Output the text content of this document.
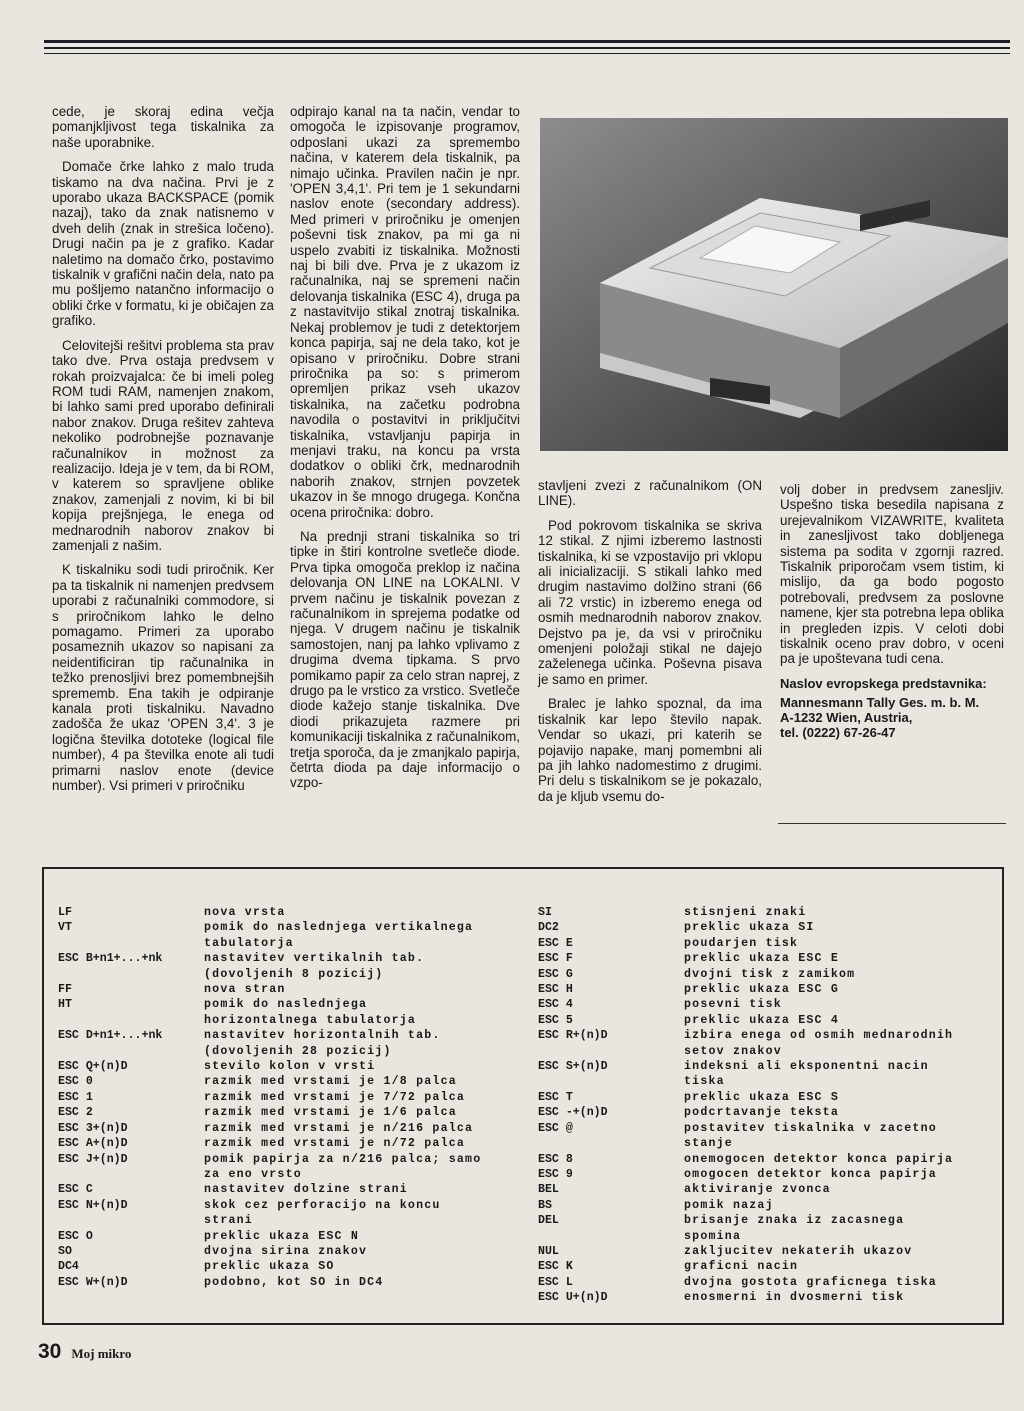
cede, je skoraj edina večja pomanjkljivost tega tiskalnika za naše uporabnike.

Domače črke lahko z malo truda tiskamo na dva načina. Prvi je z uporabo ukaza BACKSPACE (pomik nazaj), tako da znak natisnemo v dveh delih (znak in strešica ločeno). Drugi način pa je z grafiko. Kadar naletimo na domačo črko, postavimo tiskalnik v grafični način dela, nato pa mu pošljemo natančno informacijo o obliki črke v formatu, ki je običajen za grafiko.

Celovitejši rešitvi problema sta prav tako dve. Prva ostaja predvsem v rokah proizvajalca: če bi imeli poleg ROM tudi RAM, namenjen znakom, bi lahko sami pred uporabo definirali nabor znakov. Druga rešitev zahteva nekoliko podrobnejše poznavanje računalnikov in možnost za realizacijo. Ideja je v tem, da bi ROM, v katerem so spravljene oblike znakov, zamenjali z novim, ki bi bil kopija prejšnjega, le enega od mednarodnih naborov znakov bi zamenjali z našim.

K tiskalniku sodi tudi priročnik. Ker pa ta tiskalnik ni namenjen predvsem uporabi z računalniki commodore, si s priročnikom lahko le delno pomagamo. Primeri za uporabo posameznih ukazov so napisani za neidentificiran tip računalnika in težko prenosljivi brez pomembnejših sprememb. Ena takih je odpiranje kanala proti tiskalniku. Navadno zadošča že ukaz 'OPEN 3,4'. 3 je logična številka dototeke (logical file number), 4 pa številka enote ali tudi primarni naslov enote (device number). Vsi primeri v priročniku

odpirajo kanal na ta način, vendar to omogoča le izpisovanje programov, odposlani ukazi za spremembo načina, v katerem dela tiskalnik, pa nimajo učinka. Pravilen način je npr. 'OPEN 3,4,1'. Pri tem je 1 sekundarni naslov enote (secondary address). Med primeri v priročniku je omenjen poševni tisk znakov, pa mi ga ni uspelo zvabiti iz tiskalnika. Možnosti naj bi bili dve. Prva je z ukazom iz računalnika, naj se spremeni način delovanja tiskalnika (ESC 4), druga pa z nastavitvijo stikal znotraj tiskalnika. Nekaj problemov je tudi z detektorjem konca papirja, saj ne dela tako, kot je opisano v priročniku. Dobre strani priročnika pa so: s primerom opremljen prikaz vseh ukazov tiskalnika, na začetku podrobna navodila o postavitvi in priključitvi tiskalnika, vstavljanju papirja in menjavi traku, na koncu pa vrsta dodatkov o obliki črk, mednarodnih naborih znakov, strnjen povzetek ukazov in še mnogo drugega. Končna ocena priročnika: dobro.

Na prednji strani tiskalnika so tri tipke in štiri kontrolne svetleče diode. Prva tipka omogoča preklop iz načina delovanja ON LINE na LOKALNI. V prvem načinu je tiskalnik povezan z računalnikom in sprejema podatke od njega. V drugem načinu je tiskalnik samostojen, nanj pa lahko vplivamo z drugima dvema tipkama. S prvo pomikamo papir za celo stran naprej, z drugo pa le vrstico za vrstico. Svetleče diode kažejo stanje tiskalnika. Dve diodi prikazujeta razmere pri komunikaciji tiskalnika z računalnikom, tretja sporoča, da je zmanjkalo papirja, četrta dioda pa daje informacijo o vzpo-

stavljeni zvezi z računalnikom (ON LINE).

Pod pokrovom tiskalnika se skriva 12 stikal. Z njimi izberemo lastnosti tiskalnika, ki se vzpostavijo pri vklopu ali inicializaciji. S stikali lahko med drugim nastavimo dolžino strani (66 ali 72 vrstic) in izberemo enega od osmih mednarodnih naborov znakov. Dejstvo pa je, da vsi v priročniku omenjeni položaji stikal ne dajejo zaželenega učinka. Poševna pisava je samo en primer.

Bralec je lahko spoznal, da ima tiskalnik kar lepo število napak. Vendar so ukazi, pri katerih se pojavijo napake, manj pomembni ali pa jih lahko nadomestimo z drugimi. Pri delu s tiskalnikom se je pokazalo, da je kljub vsemu do-

volj dober in predvsem zanesljiv. Uspešno tiska besedila napisana z urejevalnikom VIZAWRITE, kvaliteta in zanesljivost tako dobljenega sistema pa sodita v zgornji razred. Tiskalnik priporočam vsem tistim, ki mislijo, da ga bodo pogosto potrebovali, predvsem za poslovne namene, kjer sta potrebna lepa oblika in pregleden izpis. V celoti dobi tiskalnik oceno prav dobro, v oceni pa je upoštevana tudi cena.

Naslov evropskega predstavnika:
Mannesmann Tally Ges. m. b. M.
A-1232 Wien, Austria,
tel. (0222) 67-26-47
LF	nova vrsta
VT	pomik do naslednjega vertikalnega
tabulatorja
ESC B+n1+...+nk	nastavitev vertikalnih tab.
(dovoljenih 8 pozicij)
FF	nova stran
HT	pomik do naslednjega
horizontalnega tabulatorja
ESC D+n1+...+nk	nastavitev horizontalnih tab.
(dovoljenih 28 pozicij)
ESC Q+(n)D	stevilo kolon v vrsti
ESC 0	razmik med vrstami je 1/8 palca
ESC 1	razmik med vrstami je 7/72 palca
ESC 2	razmik med vrstami je 1/6 palca
ESC 3+(n)D	razmik med vrstami je n/216 palca
ESC A+(n)D	razmik med vrstami je n/72 palca
ESC J+(n)D	pomik papirja za n/216 palca; samo
za eno vrsto
ESC C	nastavitev dolzine strani
ESC N+(n)D	skok cez perforacijo na koncu
strani
ESC O	preklic ukaza ESC N
SO	dvojna sirina znakov
DC4	preklic ukaza SO
ESC W+(n)D	podobno, kot SO in DC4
SI	stisnjeni znaki
DC2	preklic ukaza SI
ESC E	poudarjen tisk
ESC F	preklic ukaza ESC E
ESC G	dvojni tisk z zamikom
ESC H	preklic ukaza ESC G
ESC 4	posevni tisk
ESC 5	preklic ukaza ESC 4
ESC R+(n)D	izbira enega od osmih mednarodnih
setov znakov
ESC S+(n)D	indeksni ali eksponentni nacin
tiska
ESC T	preklic ukaza ESC S
ESC -+(n)D	podcrtavanje teksta
ESC @	postavitev tiskalnika v zacetno
stanje
ESC 8	onemogocen detektor konca papirja
ESC 9	omogocen detektor konca papirja
BEL	aktiviranje zvonca
BS	pomik nazaj
DEL	brisanje znaka iz zacasnega
spomina
NUL	zakljucitev nekaterih ukazov
ESC K	graficni nacin
ESC L	dvojna gostota graficnega tiska
ESC U+(n)D	enosmerni in dvosmerni tisk
30 Moj mikro
